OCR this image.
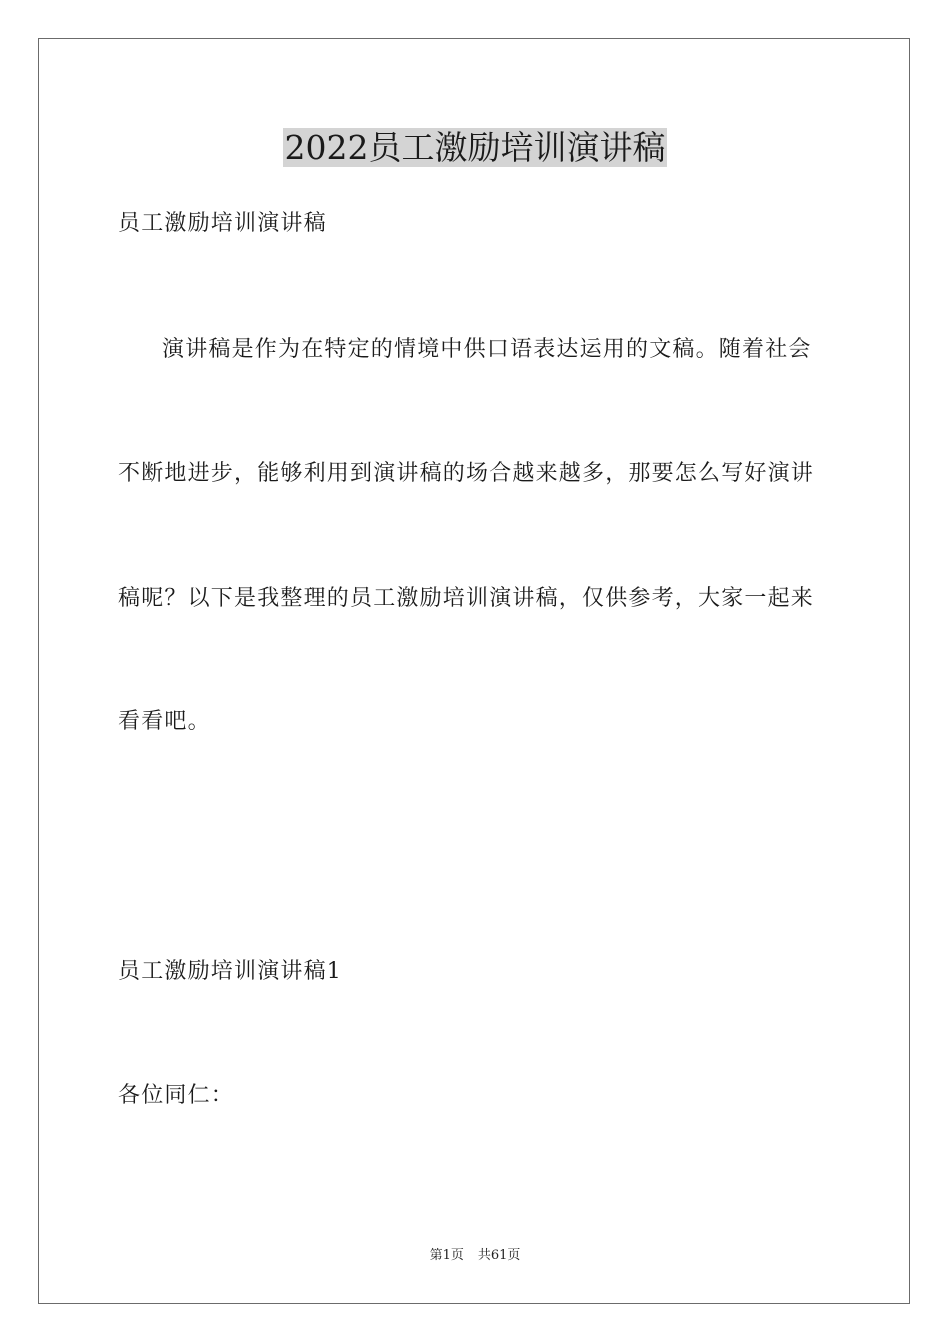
2022员工激励培训演讲稿

员工激励培训演讲稿

演讲稿是作为在特定的情境中供口语表达运用的文稿。随着社会

不断地进步，能够利用到演讲稿的场合越来越多，那要怎么写好演讲

稿呢？以下是我整理的员工激励培训演讲稿，仅供参考，大家一起来

看看吧。

员工激励培训演讲稿1

各位同仁：

第1页 共61页
